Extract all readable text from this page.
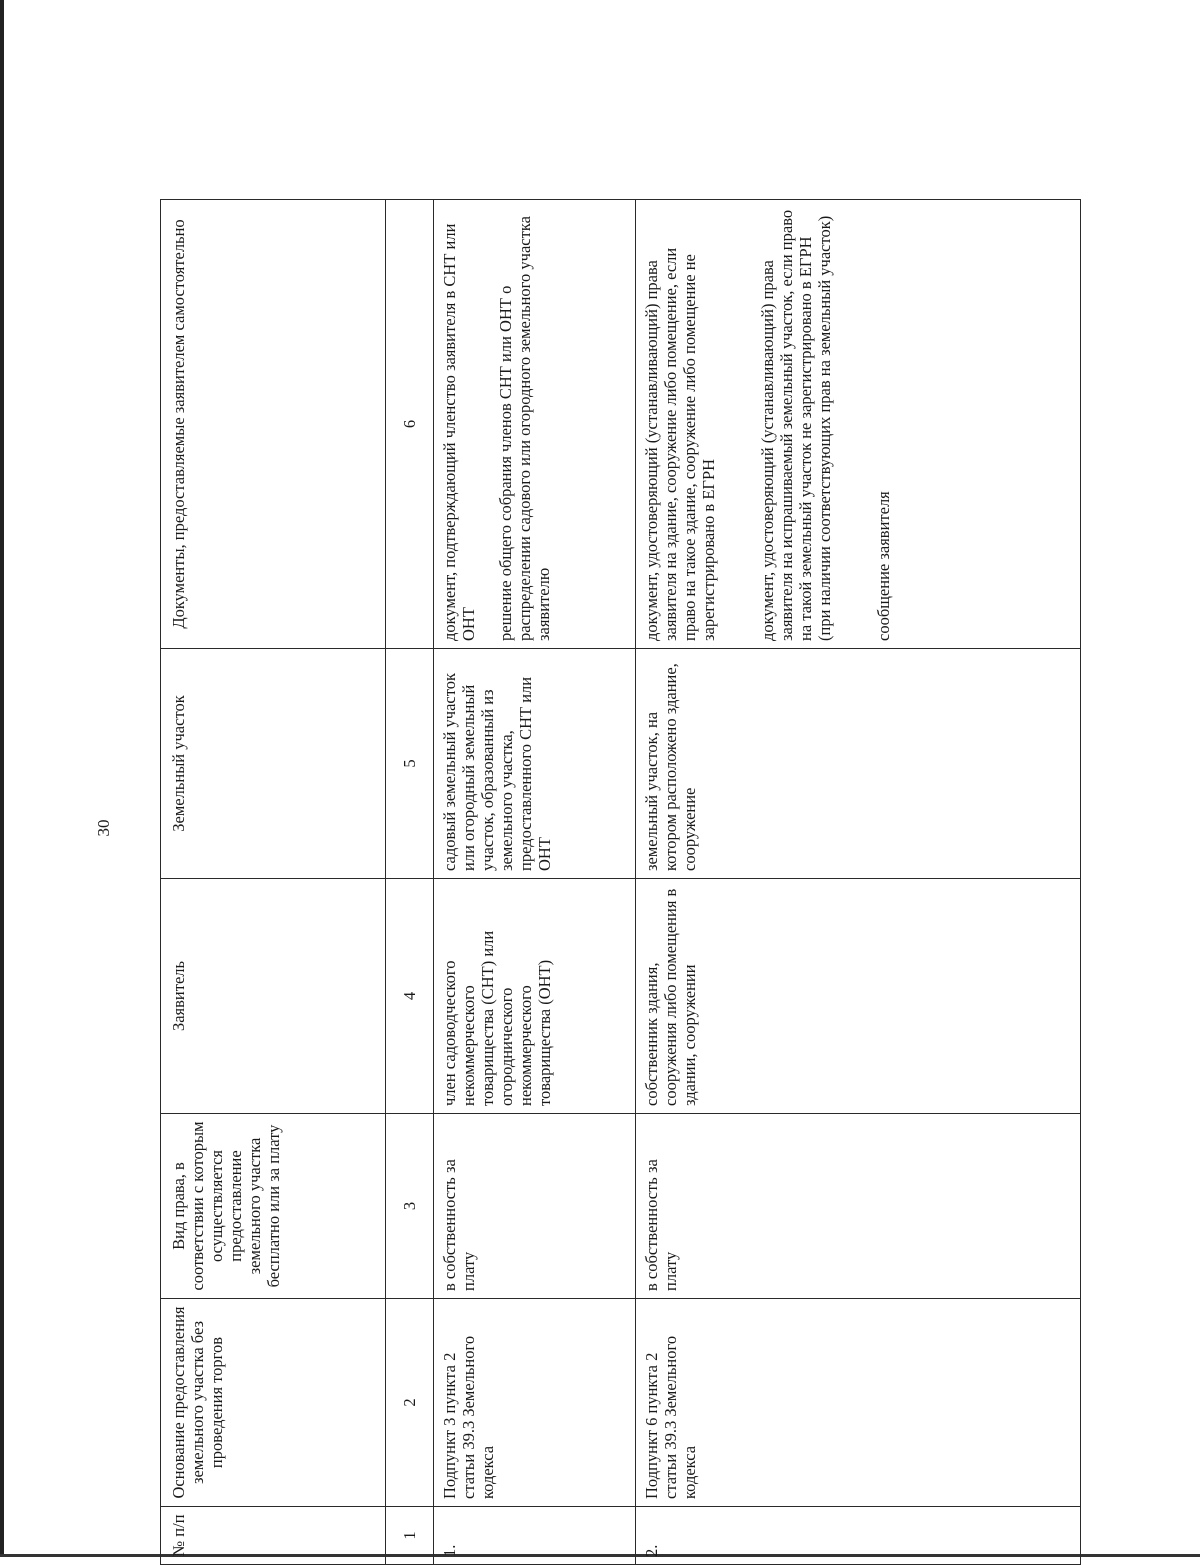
30
№ п/п	Основание предоставления земельного участка без проведения торгов	Вид права, в соответствии с которым осуществляется предоставление земельного участка бесплатно или за плату	Заявитель	Земельный участок	Документы, предоставляемые заявителем самостоятельно
1	2	3	4	5	6
1.	Подпункт 3 пункта 2 статьи 39.3 Земельного кодекса	в собственность за плату	член садоводческого некоммерческого товарищества (СНТ) или огороднического некоммерческого товарищества (ОНТ)	садовый земельный участок или огородный земельный участок, образованный из земельного участка, предоставленного СНТ или ОНТ	документ, подтверждающий членство заявителя в СНТ или ОНТ решение общего собрания членов СНТ или ОНТ о распределении садового или огородного земельного участка заявителю

2.	Подпункт 6 пункта 2 статьи 39.3 Земельного кодекса	в собственность за плату	собственник здания, сооружения либо помещения в здании, сооружении	земельный участок, на котором расположено здание, сооружение	документ, удостоверяющий (устанавливающий) права заявителя на здание, сооружение либо помещение, если право на такое здание, сооружение либо помещение не зарегистрировано в ЕГРН документ, удостоверяющий (устанавливающий) права заявителя на испрашиваемый земельный участок, если право на такой земельный участок не зарегистрировано в ЕГРН (при наличии соответствующих прав на земельный участок) сообщение заявителя
